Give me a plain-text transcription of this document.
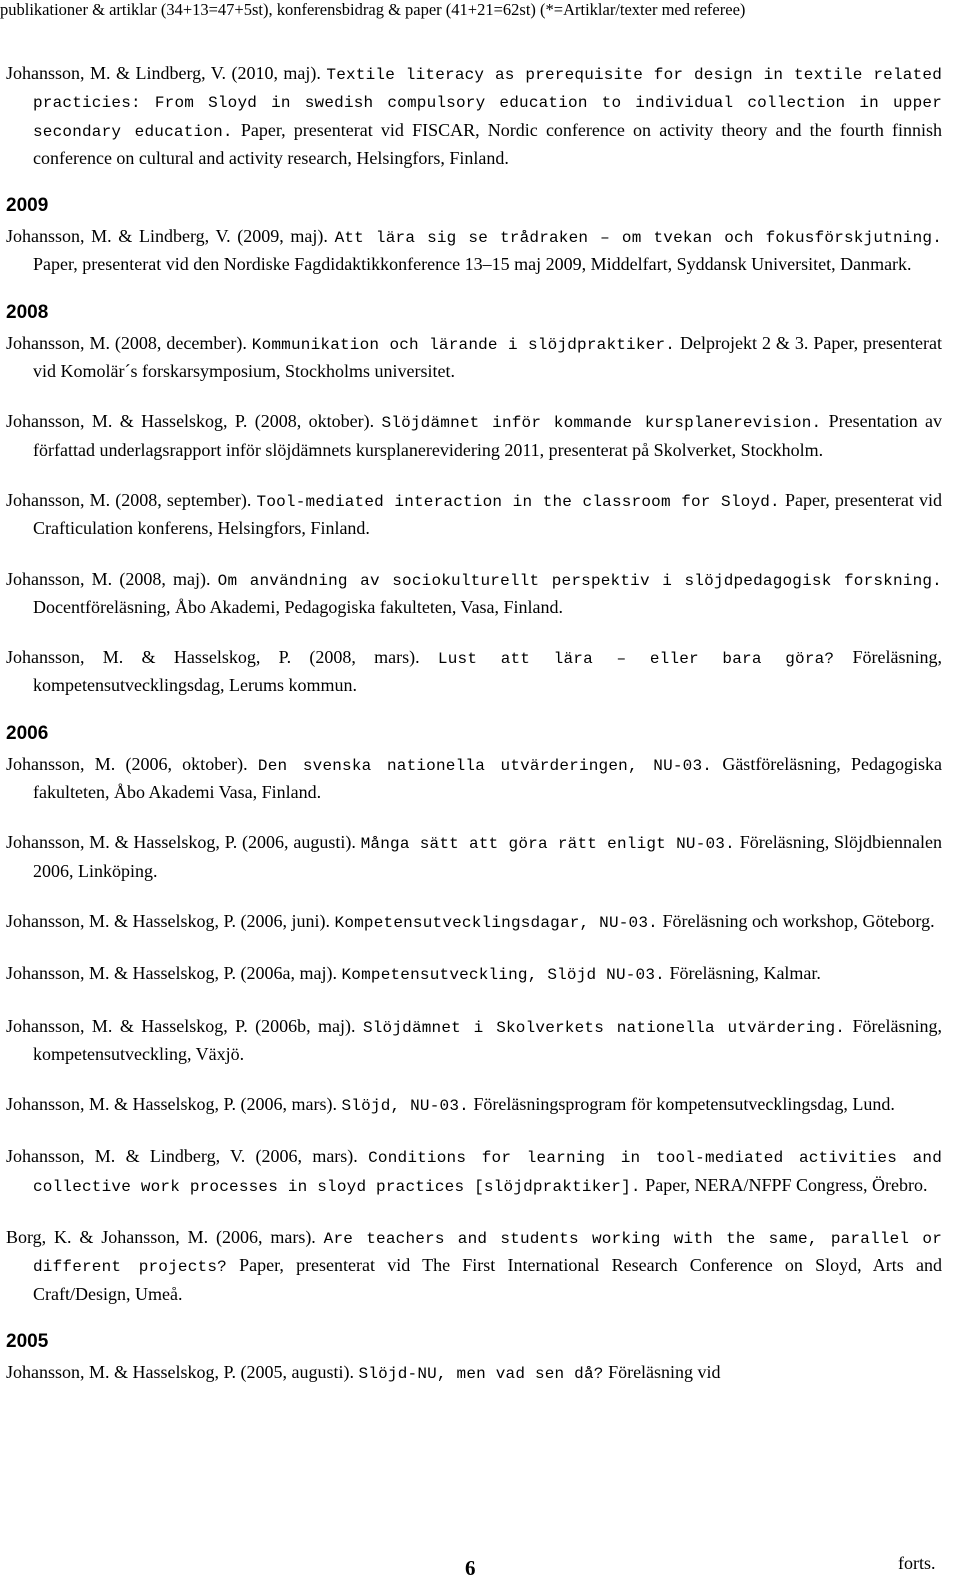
publikationer & artiklar (34+13=47+5st), konferensbidrag & paper (41+21=62st) (*=Artiklar/texter med referee)

Johansson, M. & Lindberg, V. (2010, maj). Textile literacy as prerequisite for design in textile related practicies: From Sloyd in swedish compulsory education to individual collection in upper secondary education. Paper, presenterat vid FISCAR, Nordic conference on activity theory and the fourth finnish conference on cultural and activity research, Helsingfors, Finland.

2009

Johansson, M. & Lindberg, V. (2009, maj). Att lära sig se trådraken – om tvekan och fokusförskjutning. Paper, presenterat vid den Nordiske Fagdidaktikkonference 13–15 maj 2009, Middelfart, Syddansk Universitet, Danmark.

2008

Johansson, M. (2008, december). Kommunikation och lärande i slöjdpraktiker. Delprojekt 2 & 3. Paper, presenterat vid Komolär´s forskarsymposium, Stockholms universitet.

Johansson, M. & Hasselskog, P. (2008, oktober). Slöjdämnet inför kommande kursplanerevision. Presentation av författad underlagsrapport inför slöjdämnets kursplanerevidering 2011, presenterat på Skolverket, Stockholm.

Johansson, M. (2008, september). Tool-mediated interaction in the classroom for Sloyd. Paper, presenterat vid Crafticulation konferens, Helsingfors, Finland.

Johansson, M. (2008, maj). Om användning av sociokulturellt perspektiv i slöjdpedagogisk forskning. Docentföreläsning, Åbo Akademi, Pedagogiska fakulteten, Vasa, Finland.

Johansson, M. & Hasselskog, P. (2008, mars). Lust att lära – eller bara göra? Föreläsning, kompetensutvecklingsdag, Lerums kommun.

2006

Johansson, M. (2006, oktober). Den svenska nationella utvärderingen, NU-03. Gästföreläsning, Pedagogiska fakulteten, Åbo Akademi Vasa, Finland.

Johansson, M. & Hasselskog, P. (2006, augusti). Många sätt att göra rätt enligt NU-03. Föreläsning, Slöjdbiennalen 2006, Linköping.

Johansson, M. & Hasselskog, P. (2006, juni). Kompetensutvecklingsdagar, NU-03. Föreläsning och workshop, Göteborg.

Johansson, M. & Hasselskog, P. (2006a, maj). Kompetensutveckling, Slöjd NU-03. Föreläsning, Kalmar.

Johansson, M. & Hasselskog, P. (2006b, maj). Slöjdämnet i Skolverkets nationella utvärdering. Föreläsning, kompetensutveckling, Växjö.

Johansson, M. & Hasselskog, P. (2006, mars). Slöjd, NU-03. Föreläsningsprogram för kompetensutvecklingsdag, Lund.

Johansson, M. & Lindberg, V. (2006, mars). Conditions for learning in tool-mediated activities and collective work processes in sloyd practices [slöjdpraktiker]. Paper, NERA/NFPF Congress, Örebro.

Borg, K. & Johansson, M. (2006, mars). Are teachers and students working with the same, parallel or different projects? Paper, presenterat vid The First International Research Conference on Sloyd, Arts and Craft/Design, Umeå.

2005

Johansson, M. & Hasselskog, P. (2005, augusti). Slöjd-NU, men vad sen då? Föreläsning vid

6	forts.
